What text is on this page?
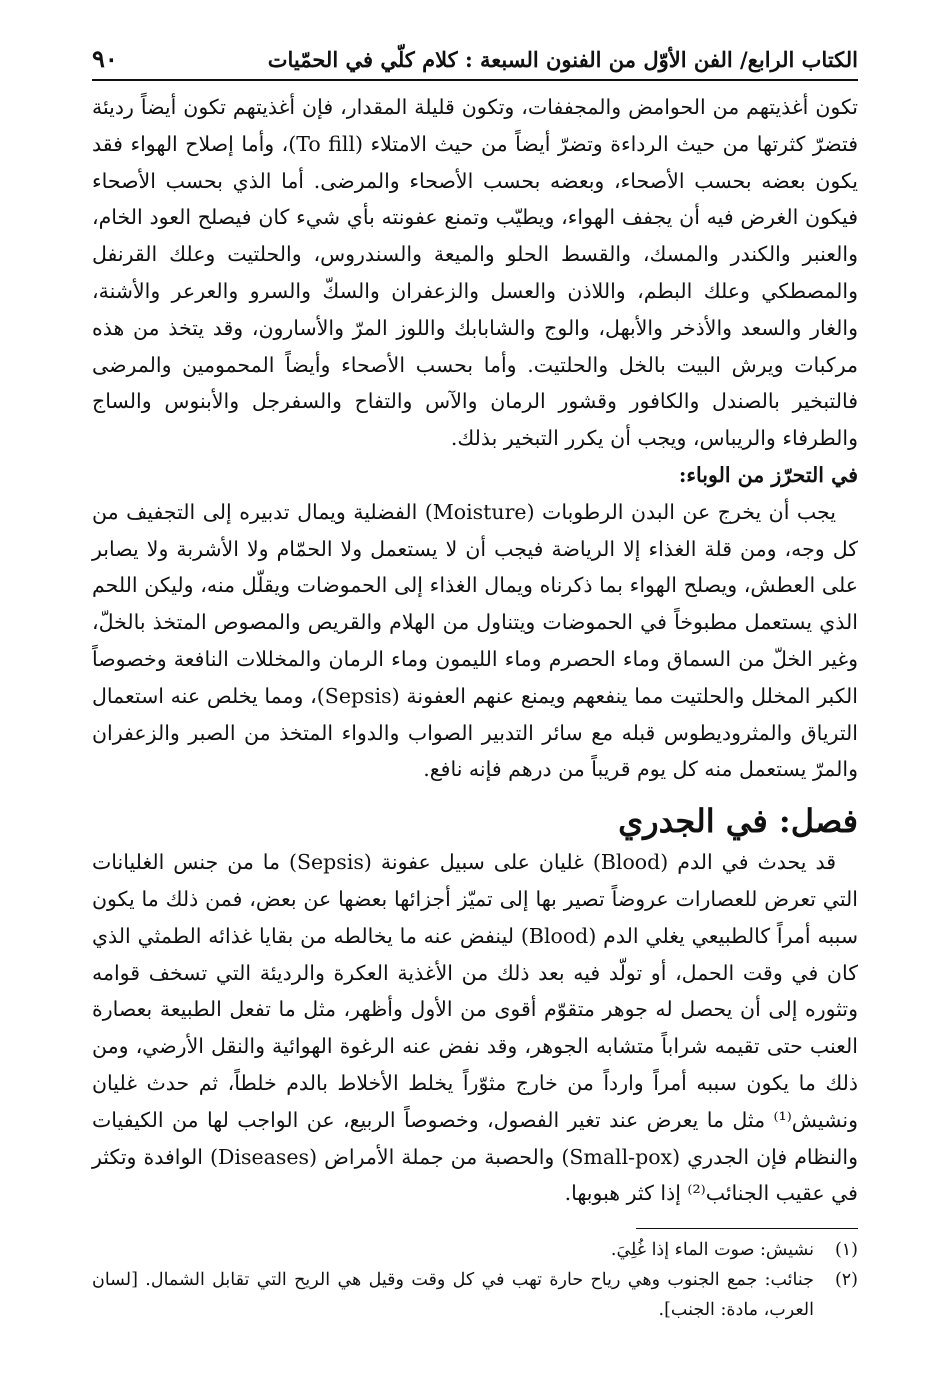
الكتاب الرابع/ الفن الأوّل من الفنون السبعة : كلام كلّي في الحمّيات
٩٠

تكون أغذيتهم من الحوامض والمجففات، وتكون قليلة المقدار، فإن أغذيتهم تكون أيضاً رديئة فتضرّ كثرتها من حيث الرداءة وتضرّ أيضاً من حيث الامتلاء (To fill)، وأما إصلاح الهواء فقد يكون بعضه بحسب الأصحاء، وبعضه بحسب الأصحاء والمرضى. أما الذي بحسب الأصحاء فيكون الغرض فيه أن يجفف الهواء، ويطيّب وتمنع عفونته بأي شيء كان فيصلح العود الخام، والعنبر والكندر والمسك، والقسط الحلو والميعة والسندروس، والحلتيت وعلك القرنفل والمصطكي وعلك البطم، واللاذن والعسل والزعفران والسكّ والسرو والعرعر والأشنة، والغار والسعد والأذخر والأبهل، والوج والشابابك واللوز المرّ والأسارون، وقد يتخذ من هذه مركبات ويرش البيت بالخل والحلتيت. وأما بحسب الأصحاء وأيضاً المحمومين والمرضى فالتبخير بالصندل والكافور وقشور الرمان والآس والتفاح والسفرجل والأبنوس والساج والطرفاء والريباس، ويجب أن يكرر التبخير بذلك.

في التحرّز من الوباء:

يجب أن يخرج عن البدن الرطوبات (Moisture) الفضلية ويمال تدبيره إلى التجفيف من كل وجه، ومن قلة الغذاء إلا الرياضة فيجب أن لا يستعمل ولا الحمّام ولا الأشربة ولا يصابر على العطش، ويصلح الهواء بما ذكرناه ويمال الغذاء إلى الحموضات ويقلّل منه، وليكن اللحم الذي يستعمل مطبوخاً في الحموضات ويتناول من الهلام والقريص والمصوص المتخذ بالخلّ، وغير الخلّ من السماق وماء الحصرم وماء الليمون وماء الرمان والمخللات النافعة وخصوصاً الكبر المخلل والحلتيت مما ينفعهم ويمنع عنهم العفونة (Sepsis)، ومما يخلص عنه استعمال الترياق والمثروديطوس قبله مع سائر التدبير الصواب والدواء المتخذ من الصبر والزعفران والمرّ يستعمل منه كل يوم قريباً من درهم فإنه نافع.

فصل: في الجدري

قد يحدث في الدم (Blood) غليان على سبيل عفونة (Sepsis) ما من جنس الغليانات التي تعرض للعصارات عروضاً تصير بها إلى تميّز أجزائها بعضها عن بعض، فمن ذلك ما يكون سببه أمراً كالطبيعي يغلي الدم (Blood) لينفض عنه ما يخالطه من بقايا غذائه الطمثي الذي كان في وقت الحمل، أو تولّد فيه بعد ذلك من الأغذية العكرة والرديئة التي تسخف قوامه وتثوره إلى أن يحصل له جوهر متقوّم أقوى من الأول وأظهر، مثل ما تفعل الطبيعة بعصارة العنب حتى تقيمه شراباً متشابه الجوهر، وقد نفض عنه الرغوة الهوائية والنقل الأرضي، ومن ذلك ما يكون سببه أمراً وارداً من خارج مثوّراً يخلط الأخلاط بالدم خلطاً، ثم حدث غليان ونشيش⁽¹⁾ مثل ما يعرض عند تغير الفصول، وخصوصاً الربيع، عن الواجب لها من الكيفيات والنظام فإن الجدري (Small-pox) والحصبة من جملة الأمراض (Diseases) الوافدة وتكثر في عقيب الجنائب⁽²⁾ إذا كثر هبوبها.

(١)
نشيش: صوت الماء إذا غُلِيَ.
(٢)
جنائب: جمع الجنوب وهي رياح حارة تهب في كل وقت وقيل هي الريح التي تقابل الشمال. [لسان العرب، مادة: الجنب].
